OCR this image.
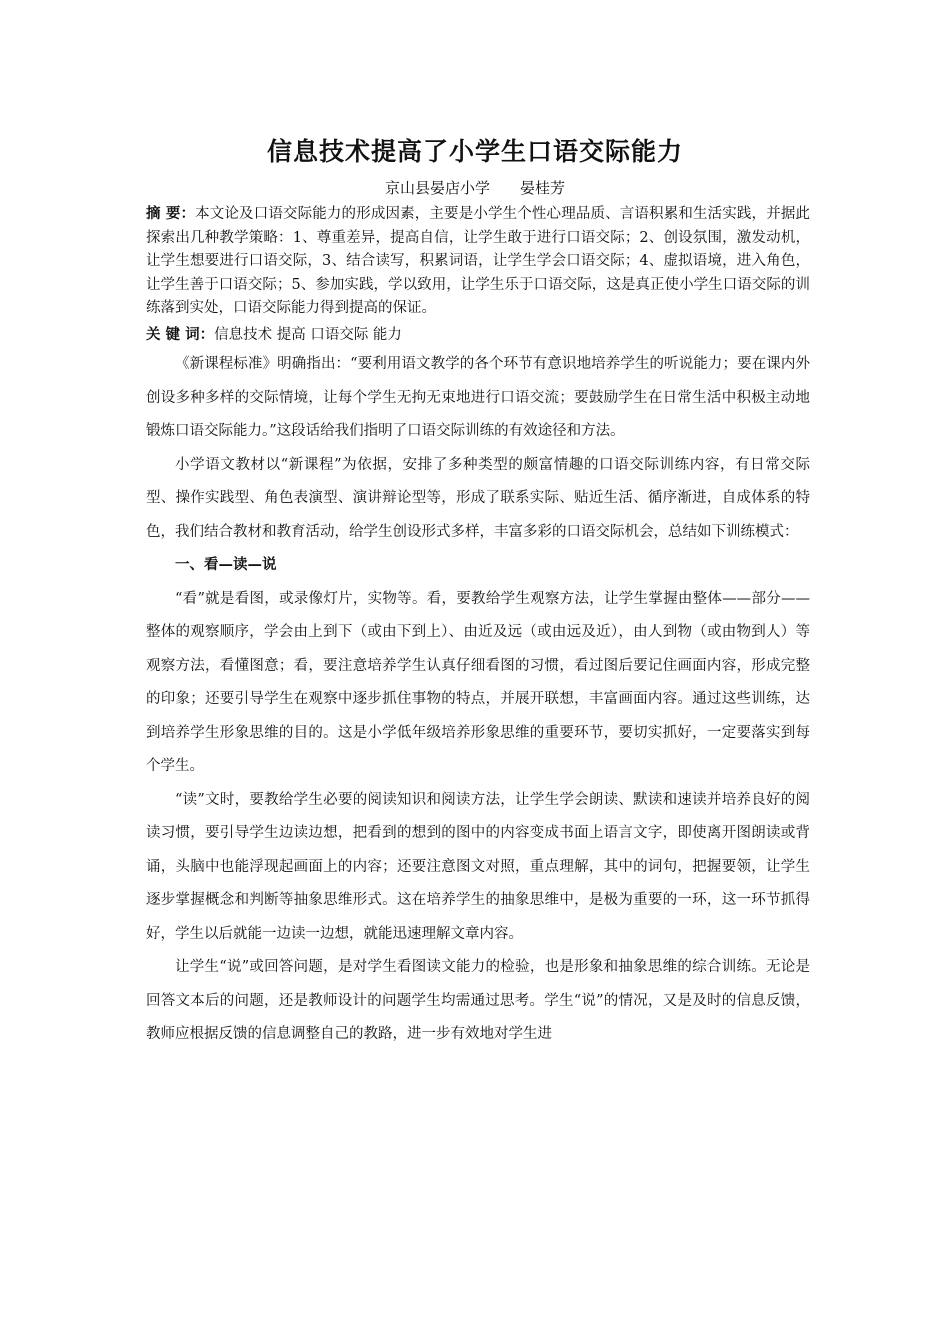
信息技术提高了小学生口语交际能力
京山县晏店小学 晏桂芳
摘 要：本文论及口语交际能力的形成因素，主要是小学生个性心理品质、言语积累和生活实践，并据此探索出几种教学策略：1、尊重差异，提高自信，让学生敢于进行口语交际；2、创设氛围，激发动机，让学生想要进行口语交际，3、结合读写，积累词语，让学生学会口语交际；4、虚拟语境，进入角色，让学生善于口语交际；5、参加实践，学以致用，让学生乐于口语交际，这是真正使小学生口语交际的训练落到实处，口语交际能力得到提高的保证。
关 键 词：信息技术 提高 口语交际 能力

《新课程标准》明确指出：“要利用语文教学的各个环节有意识地培养学生的听说能力；要在课内外创设多种多样的交际情境，让每个学生无拘无束地进行口语交流；要鼓励学生在日常生活中积极主动地锻炼口语交际能力。”这段话给我们指明了口语交际训练的有效途径和方法。

小学语文教材以“新课程”为依据，安排了多种类型的颇富情趣的口语交际训练内容，有日常交际型、操作实践型、角色表演型、演讲辩论型等，形成了联系实际、贴近生活、循序渐进，自成体系的特色，我们结合教材和教育活动，给学生创设形式多样，丰富多彩的口语交际机会，总结如下训练模式：

一、看—读—说

“看”就是看图，或录像灯片，实物等。看，要教给学生观察方法，让学生掌握由整体——部分——整体的观察顺序，学会由上到下（或由下到上）、由近及远（或由远及近），由人到物（或由物到人）等观察方法，看懂图意；看，要注意培养学生认真仔细看图的习惯，看过图后要记住画面内容，形成完整的印象；还要引导学生在观察中逐步抓住事物的特点，并展开联想，丰富画面内容。通过这些训练，达到培养学生形象思维的目的。这是小学低年级培养形象思维的重要环节，要切实抓好，一定要落实到每个学生。

“读”文时，要教给学生必要的阅读知识和阅读方法，让学生学会朗读、默读和速读并培养良好的阅读习惯，要引导学生边读边想，把看到的想到的图中的内容变成书面上语言文字，即使离开图朗读或背诵，头脑中也能浮现起画面上的内容；还要注意图文对照，重点理解，其中的词句，把握要领，让学生逐步掌握概念和判断等抽象思维形式。这在培养学生的抽象思维中，是极为重要的一环，这一环节抓得好，学生以后就能一边读一边想，就能迅速理解文章内容。

让学生“说”或回答问题，是对学生看图读文能力的检验，也是形象和抽象思维的综合训练。无论是回答文本后的问题，还是教师设计的问题学生均需通过思考。学生“说”的情况，又是及时的信息反馈，教师应根据反馈的信息调整自己的教路，进一步有效地对学生进
